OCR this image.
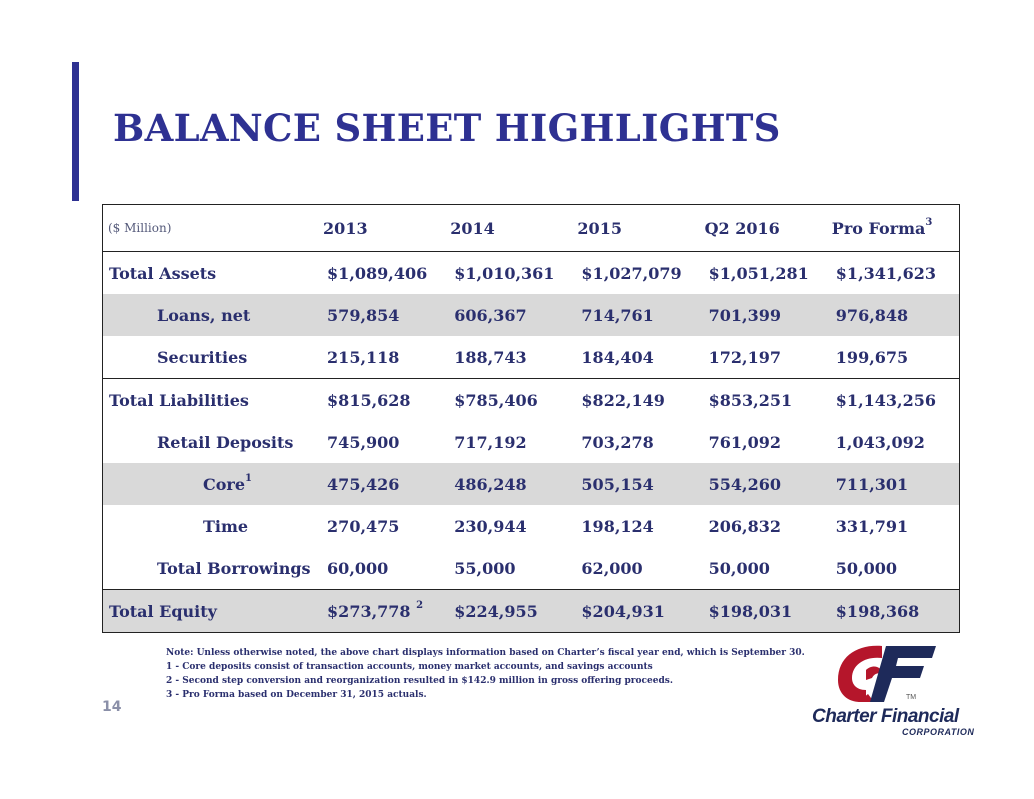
BALANCE SHEET HIGHLIGHTS
($ Million)	2013	2014	2015	Q2 2016	Pro Forma$^3$
Total Assets	$1,089,406	$1,010,361	$1,027,079	$1,051,281	$1,341,623
Loans, net	579,854	606,367	714,761	701,399	976,848
Securities	215,118	188,743	184,404	172,197	199,675
Total Liabilities	$815,628	$785,406	$822,149	$853,251	$1,143,256
Retail Deposits	745,900	717,192	703,278	761,092	1,043,092
Core$^1$	475,426	486,248	505,154	554,260	711,301
Time	270,475	230,944	198,124	206,832	331,791
Total Borrowings	60,000	55,000	62,000	50,000	50,000
Total Equity	$273,778 $^2$	$224,955	$204,931	$198,031	$198,368
Note: Unless otherwise noted, the above chart displays information based on Charter’s fiscal year end, which is September 30.
1 - Core deposits consist of transaction accounts, money market accounts, and savings accounts
2 - Second step conversion and reorganization resulted in $142.9 million in gross offering proceeds.
3 - Pro Forma based on December 31, 2015 actuals.
14
TM
Charter Financial
CORPORATION
